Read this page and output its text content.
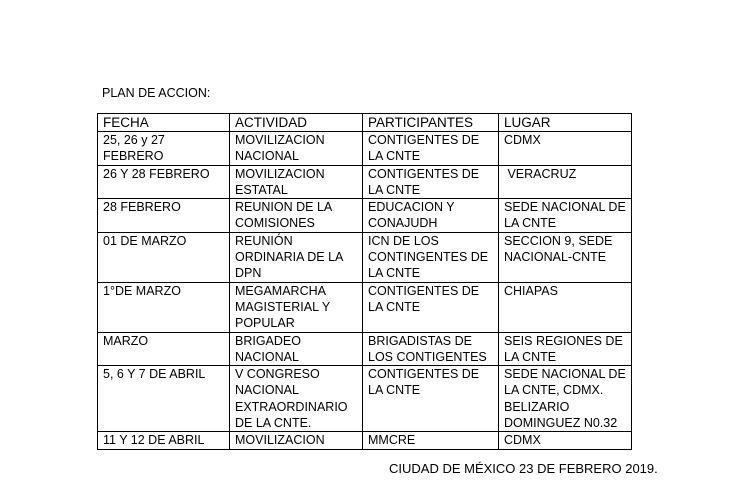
PLAN DE ACCION:
FECHA	ACTIVIDAD	PARTICIPANTES	LUGAR
25, 26 y 27 FEBRERO	MOVILIZACION NACIONAL	CONTIGENTES DE LA CNTE	CDMX
26 Y 28 FEBRERO	MOVILIZACION ESTATAL	CONTIGENTES DE LA CNTE	VERACRUZ
28 FEBRERO	REUNION DE LA COMISIONES	EDUCACION Y CONAJUDH	SEDE NACIONAL DE LA CNTE
01 DE MARZO	REUNIÓN ORDINARIA DE LA DPN	ICN DE LOS CONTINGENTES DE LA CNTE	SECCION 9, SEDE NACIONAL-CNTE
1°DE MARZO	MEGAMARCHA MAGISTERIAL Y POPULAR	CONTIGENTES DE LA CNTE	CHIAPAS
MARZO	BRIGADEO NACIONAL	BRIGADISTAS DE LOS CONTIGENTES	SEIS REGIONES DE LA CNTE
5, 6 Y 7 DE ABRIL	V CONGRESO NACIONAL EXTRAORDINARIO DE LA CNTE.	CONTIGENTES DE LA CNTE	SEDE NACIONAL DE LA CNTE, CDMX. BELIZARIO DOMINGUEZ N0.32
11 Y 12 DE ABRIL	MOVILIZACION	MMCRE	CDMX
CIUDAD DE MÉXICO 23 DE FEBRERO 2019.
